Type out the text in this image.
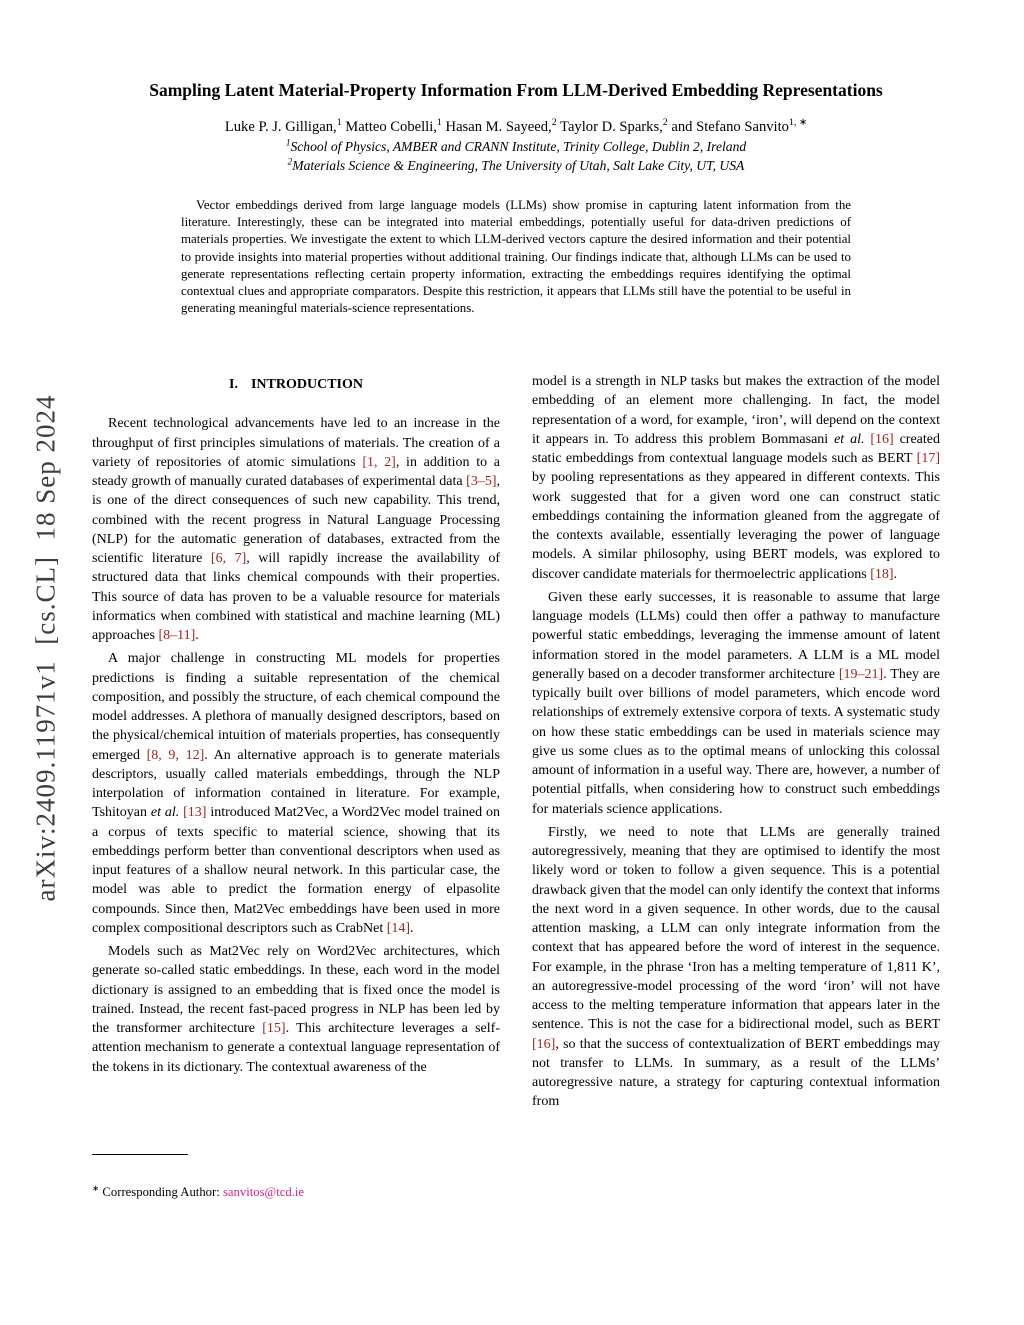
arXiv:2409.11971v1  [cs.CL]  18 Sep 2024
Sampling Latent Material-Property Information From LLM-Derived Embedding Representations
Luke P. J. Gilligan,$^1$ Matteo Cobelli,$^1$ Hasan M. Sayeed,$^2$ Taylor D. Sparks,$^2$ and Stefano Sanvito$^{1, ∗}$
$^1$School of Physics, AMBER and CRANN Institute, Trinity College, Dublin 2, Ireland
$^2$Materials Science & Engineering, The University of Utah, Salt Lake City, UT, USA

Vector embeddings derived from large language models (LLMs) show promise in capturing latent information from the literature. Interestingly, these can be integrated into material embeddings, potentially useful for data-driven predictions of materials properties. We investigate the extent to which LLM-derived vectors capture the desired information and their potential to provide insights into material properties without additional training. Our findings indicate that, although LLMs can be used to generate representations reflecting certain property information, extracting the embeddings requires identifying the optimal contextual clues and appropriate comparators. Despite this restriction, it appears that LLMs still have the potential to be useful in generating meaningful materials-science representations.

I. INTRODUCTION

Recent technological advancements have led to an increase in the throughput of first principles simulations of materials. The creation of a variety of repositories of atomic simulations [1, 2], in addition to a steady growth of manually curated databases of experimental data [3–5], is one of the direct consequences of such new capability. This trend, combined with the recent progress in Natural Language Processing (NLP) for the automatic generation of databases, extracted from the scientific literature [6, 7], will rapidly increase the availability of structured data that links chemical compounds with their properties. This source of data has proven to be a valuable resource for materials informatics when combined with statistical and machine learning (ML) approaches [8–11].

A major challenge in constructing ML models for properties predictions is finding a suitable representation of the chemical composition, and possibly the structure, of each chemical compound the model addresses. A plethora of manually designed descriptors, based on the physical/chemical intuition of materials properties, has consequently emerged [8, 9, 12]. An alternative approach is to generate materials descriptors, usually called materials embeddings, through the NLP interpolation of information contained in literature. For example, Tshitoyan et al. [13] introduced Mat2Vec, a Word2Vec model trained on a corpus of texts specific to material science, showing that its embeddings perform better than conventional descriptors when used as input features of a shallow neural network. In this particular case, the model was able to predict the formation energy of elpasolite compounds. Since then, Mat2Vec embeddings have been used in more complex compositional descriptors such as CrabNet [14].

Models such as Mat2Vec rely on Word2Vec architectures, which generate so-called static embeddings. In these, each word in the model dictionary is assigned to an embedding that is fixed once the model is trained. Instead, the recent fast-paced progress in NLP has been led by the transformer architecture [15]. This architecture leverages a self-attention mechanism to generate a contextual language representation of the tokens in its dictionary. The contextual awareness of the

model is a strength in NLP tasks but makes the extraction of the model embedding of an element more challenging. In fact, the model representation of a word, for example, ‘iron’, will depend on the context it appears in. To address this problem Bommasani et al. [16] created static embeddings from contextual language models such as BERT [17] by pooling representations as they appeared in different contexts. This work suggested that for a given word one can construct static embeddings containing the information gleaned from the aggregate of the contexts available, essentially leveraging the power of language models. A similar philosophy, using BERT models, was explored to discover candidate materials for thermoelectric applications [18].

Given these early successes, it is reasonable to assume that large language models (LLMs) could then offer a pathway to manufacture powerful static embeddings, leveraging the immense amount of latent information stored in the model parameters. A LLM is a ML model generally based on a decoder transformer architecture [19–21]. They are typically built over billions of model parameters, which encode word relationships of extremely extensive corpora of texts. A systematic study on how these static embeddings can be used in materials science may give us some clues as to the optimal means of unlocking this colossal amount of information in a useful way. There are, however, a number of potential pitfalls, when considering how to construct such embeddings for materials science applications.

Firstly, we need to note that LLMs are generally trained autoregressively, meaning that they are optimised to identify the most likely word or token to follow a given sequence. This is a potential drawback given that the model can only identify the context that informs the next word in a given sequence. In other words, due to the causal attention masking, a LLM can only integrate information from the context that has appeared before the word of interest in the sequence. For example, in the phrase ‘Iron has a melting temperature of 1,811 K’, an autoregressive-model processing of the word ‘iron’ will not have access to the melting temperature information that appears later in the sentence. This is not the case for a bidirectional model, such as BERT [16], so that the success of contextualization of BERT embeddings may not transfer to LLMs. In summary, as a result of the LLMs’ autoregressive nature, a strategy for capturing contextual information from

∗ Corresponding Author: sanvitos@tcd.ie
